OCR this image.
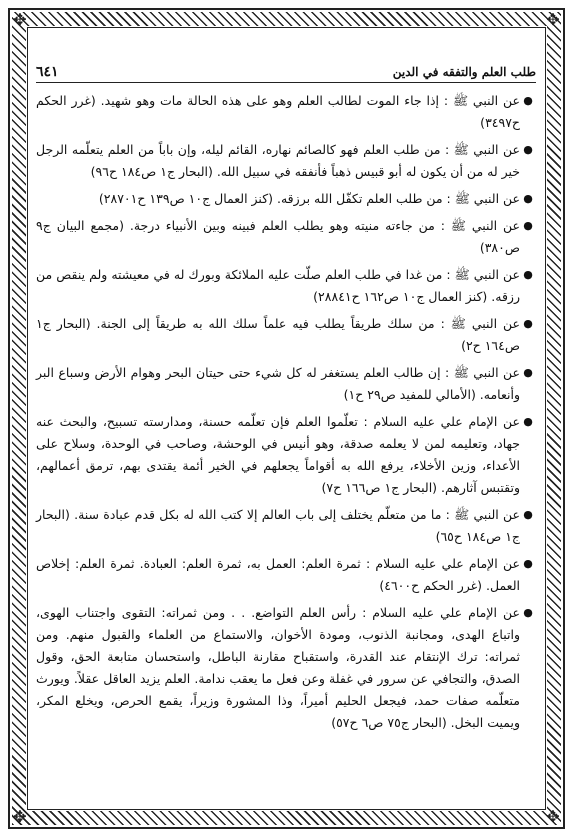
✥	✥
✥	✥
طلب العلم والتفقه في الدين
٦٤١
●
عن النبي ﷺ : إذا جاء الموت لطالب العلم وهو على هذه الحالة مات وهو شهيد. (غرر الحكم ح٣٤٩٧)
●
عن النبي ﷺ : من طلب العلم فهو كالصائم نهاره، القائم ليله، وإن باباً من العلم يتعلّمه الرجل خير له من أن يكون له أبو قبيس ذهباً فأنفقه في سبيل الله. (البحار ج١ ص١٨٤ ح٩٦)
●
عن النبي ﷺ : من طلب العلم تكفّل الله برزقه. (كنز العمال ج١٠ ص١٣٩ ح٢٨٧٠١)
●
عن النبي ﷺ : من جاءته منيته وهو يطلب العلم فبينه وبين الأنبياء درجة. (مجمع البيان ج٩ ص٣٨٠)
●
عن النبي ﷺ : من غدا في طلب العلم صلّت عليه الملائكة وبورك له في معيشته ولم ينقص من رزقه. (كنز العمال ج١٠ ص١٦٢ ح٢٨٨٤١)
●
عن النبي ﷺ : من سلك طريقاً يطلب فيه علماً سلك الله به طريقاً إلى الجنة. (البحار ج١ ص١٦٤ ح٢)
●
عن النبي ﷺ : إن طالب العلم يستغفر له كل شيء حتى حيتان البحر وهوام الأرض وسباع البر وأنعامه. (الأمالي للمفيد ص٢٩ ح١)
●
عن الإمام علي عليه السلام : تعلّموا العلم فإن تعلّمه حسنة، ومدارسته تسبيح، والبحث عنه جهاد، وتعليمه لمن لا يعلمه صدقة، وهو أنيس في الوحشة، وصاحب في الوحدة، وسلاح على الأعداء، وزين الأخلاء، يرفع الله به أقواماً يجعلهم في الخير أئمة يقتدى بهم، ترمق أعمالهم، وتقتبس آثارهم. (البحار ج١ ص١٦٦ ح٧)
●
عن النبي ﷺ : ما من متعلّم يختلف إلى باب العالم إلا كتب الله له بكل قدم عبادة سنة. (البحار ج١ ص١٨٤ ح٦٥)
●
عن الإمام علي عليه السلام : ثمرة العلم: العمل به، ثمرة العلم: العبادة. ثمرة العلم: إخلاص العمل. (غرر الحكم ح٤٦٠٠)
●
عن الإمام علي عليه السلام : رأس العلم التواضع. . . ومن ثمراته: التقوى واجتناب الهوى، واتباع الهدى، ومجانبة الذنوب، ومودة الأخوان، والاستماع من العلماء والقبول منهم. ومن ثمراته: ترك الإنتقام عند القدرة، واستقباح مقارنة الباطل، واستحسان متابعة الحق، وقول الصدق، والتجافي عن سرور في غفلة وعن فعل ما يعقب ندامة. العلم يزيد العاقل عقلاً. ويورث متعلّمه صفات حمد، فيجعل الحليم أميراً، وذا المشورة وزيراً، يقمع الحرص، ويخلع المكر، ويميت البخل. (البحار ج٧٥ ص٦ ح٥٧)
